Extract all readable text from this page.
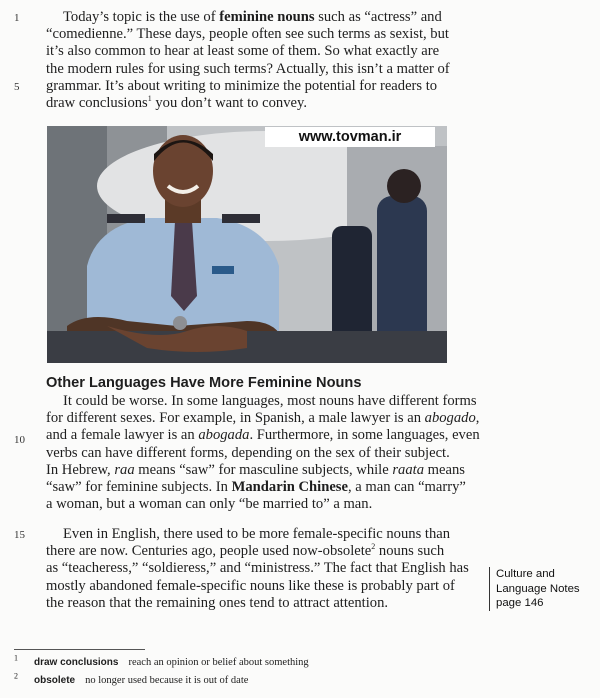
1
5
10
15
Today’s topic is the use of feminine nouns such as “actress” and
“comedienne.” These days, people often see such terms as sexist, but
it’s also common to hear at least some of them. So what exactly are
the modern rules for using such terms? Actually, this isn’t a matter of
grammar. It’s about writing to minimize the potential for readers to
draw conclusions$^1$ you don’t want to convey.
www.tovman.ir
Other Languages Have More Feminine Nouns
It could be worse. In some languages, most nouns have different forms
for different sexes. For example, in Spanish, a male lawyer is an abogado,
and a female lawyer is an abogada. Furthermore, in some languages, even
verbs can have different forms, depending on the sex of their subject.
In Hebrew, raa means “saw” for masculine subjects, while raata means
“saw” for feminine subjects. In Mandarin Chinese, a man can “marry”
a woman, but a woman can only “be married to” a man.
Even in English, there used to be more female-specific nouns than
there are now. Centuries ago, people used now-obsolete$^2$ nouns such
as “teacheress,” “soldieress,” and “ministress.” The fact that English has
mostly abandoned female-specific nouns like these is probably part of
the reason that the remaining ones tend to attract attention.
Culture and
Language Notes
page 146
$^1$ draw conclusions reach an opinion or belief about something
$^2$ obsolete no longer used because it is out of date
